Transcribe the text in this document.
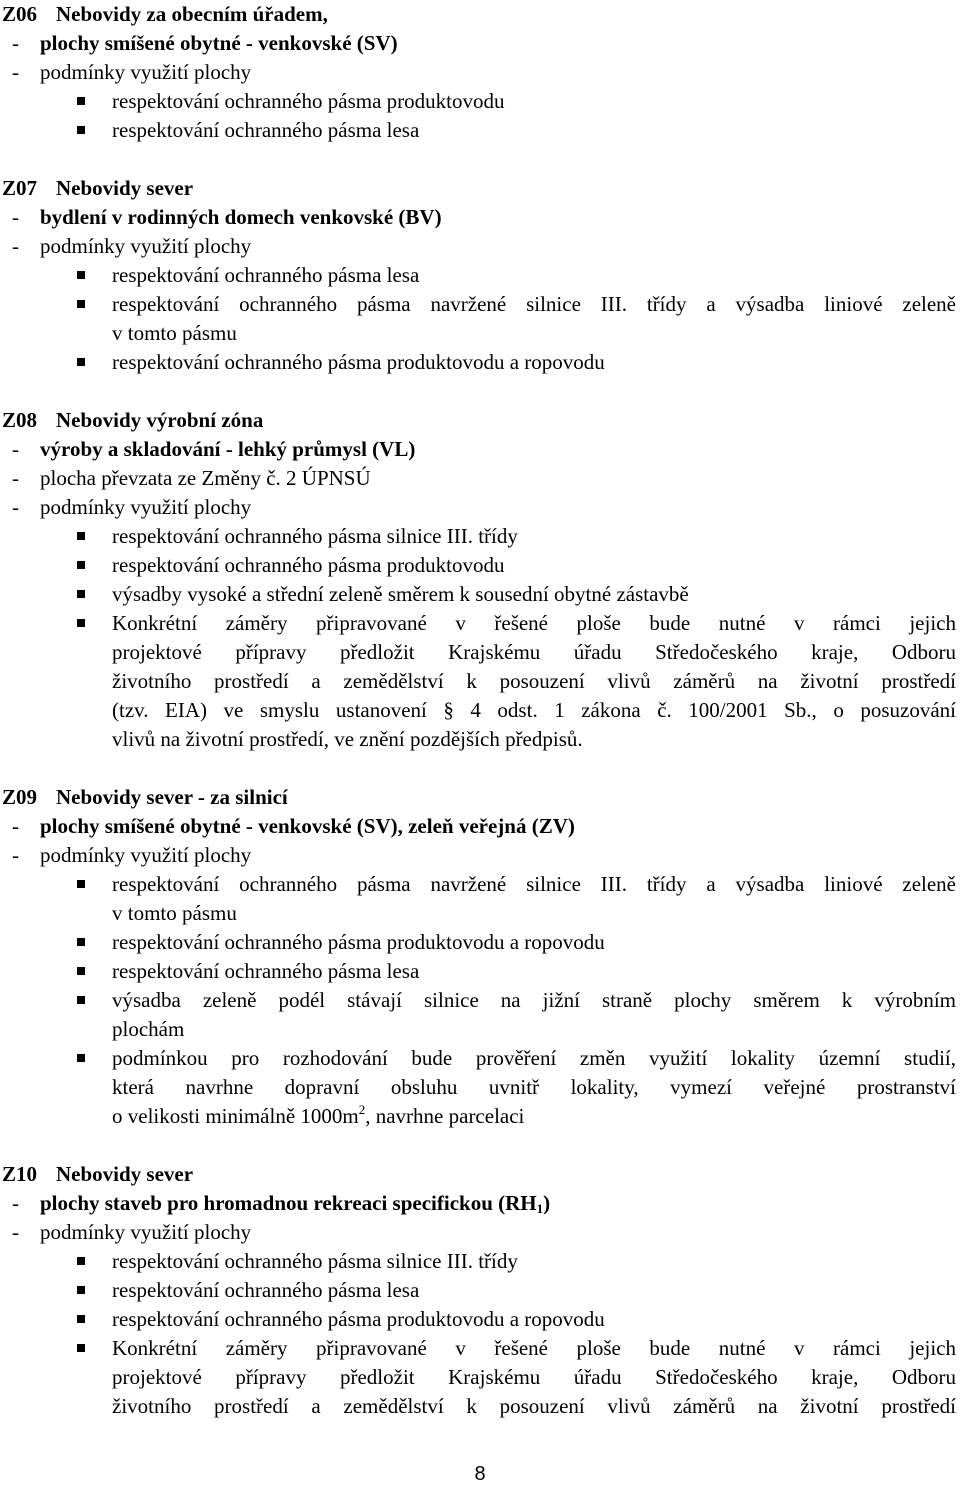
Z06 Nebovidy za obecním úřadem,
- plochy smíšené obytné - venkovské (SV)
- podmínky využití plochy
respektování ochranného pásma produktovodu
respektování ochranného pásma lesa
Z07 Nebovidy sever
- bydlení v rodinných domech venkovské (BV)
- podmínky využití plochy
respektování ochranného pásma lesa
respektování ochranného pásma navržené silnice III. třídy a výsadba liniové zeleně
v tomto pásmu
respektování ochranného pásma produktovodu a ropovodu
Z08 Nebovidy výrobní zóna
- výroby a skladování - lehký průmysl (VL)
- plocha převzata ze Změny č. 2 ÚPNSÚ
- podmínky využití plochy
respektování ochranného pásma silnice III. třídy
respektování ochranného pásma produktovodu
výsadby vysoké a střední zeleně směrem k sousední obytné zástavbě
Konkrétní záměry připravované v řešené ploše bude nutné v rámci jejich
projektové přípravy předložit Krajskému úřadu Středočeského kraje, Odboru
životního prostředí a zemědělství k posouzení vlivů záměrů na životní prostředí
(tzv. EIA) ve smyslu ustanovení § 4 odst. 1 zákona č. 100/2001 Sb., o posuzování
vlivů na životní prostředí, ve znění pozdějších předpisů.
Z09 Nebovidy sever - za silnicí
- plochy smíšené obytné - venkovské (SV), zeleň veřejná (ZV)
- podmínky využití plochy
respektování ochranného pásma navržené silnice III. třídy a výsadba liniové zeleně
v tomto pásmu
respektování ochranného pásma produktovodu a ropovodu
respektování ochranného pásma lesa
výsadba zeleně podél stávají silnice na jižní straně plochy směrem k výrobním
plochám
podmínkou pro rozhodování bude prověření změn využití lokality územní studií,
která navrhne dopravní obsluhu uvnitř lokality, vymezí veřejné prostranství
o velikosti minimálně $1000m^2$, navrhne parcelaci
Z10 Nebovidy sever
- plochy staveb pro hromadnou rekreaci specifickou $(RH_1)$
- podmínky využití plochy
respektování ochranného pásma silnice III. třídy
respektování ochranného pásma lesa
respektování ochranného pásma produktovodu a ropovodu
Konkrétní záměry připravované v řešené ploše bude nutné v rámci jejich
projektové přípravy předložit Krajskému úřadu Středočeského kraje, Odboru
životního prostředí a zemědělství k posouzení vlivů záměrů na životní prostředí
8
